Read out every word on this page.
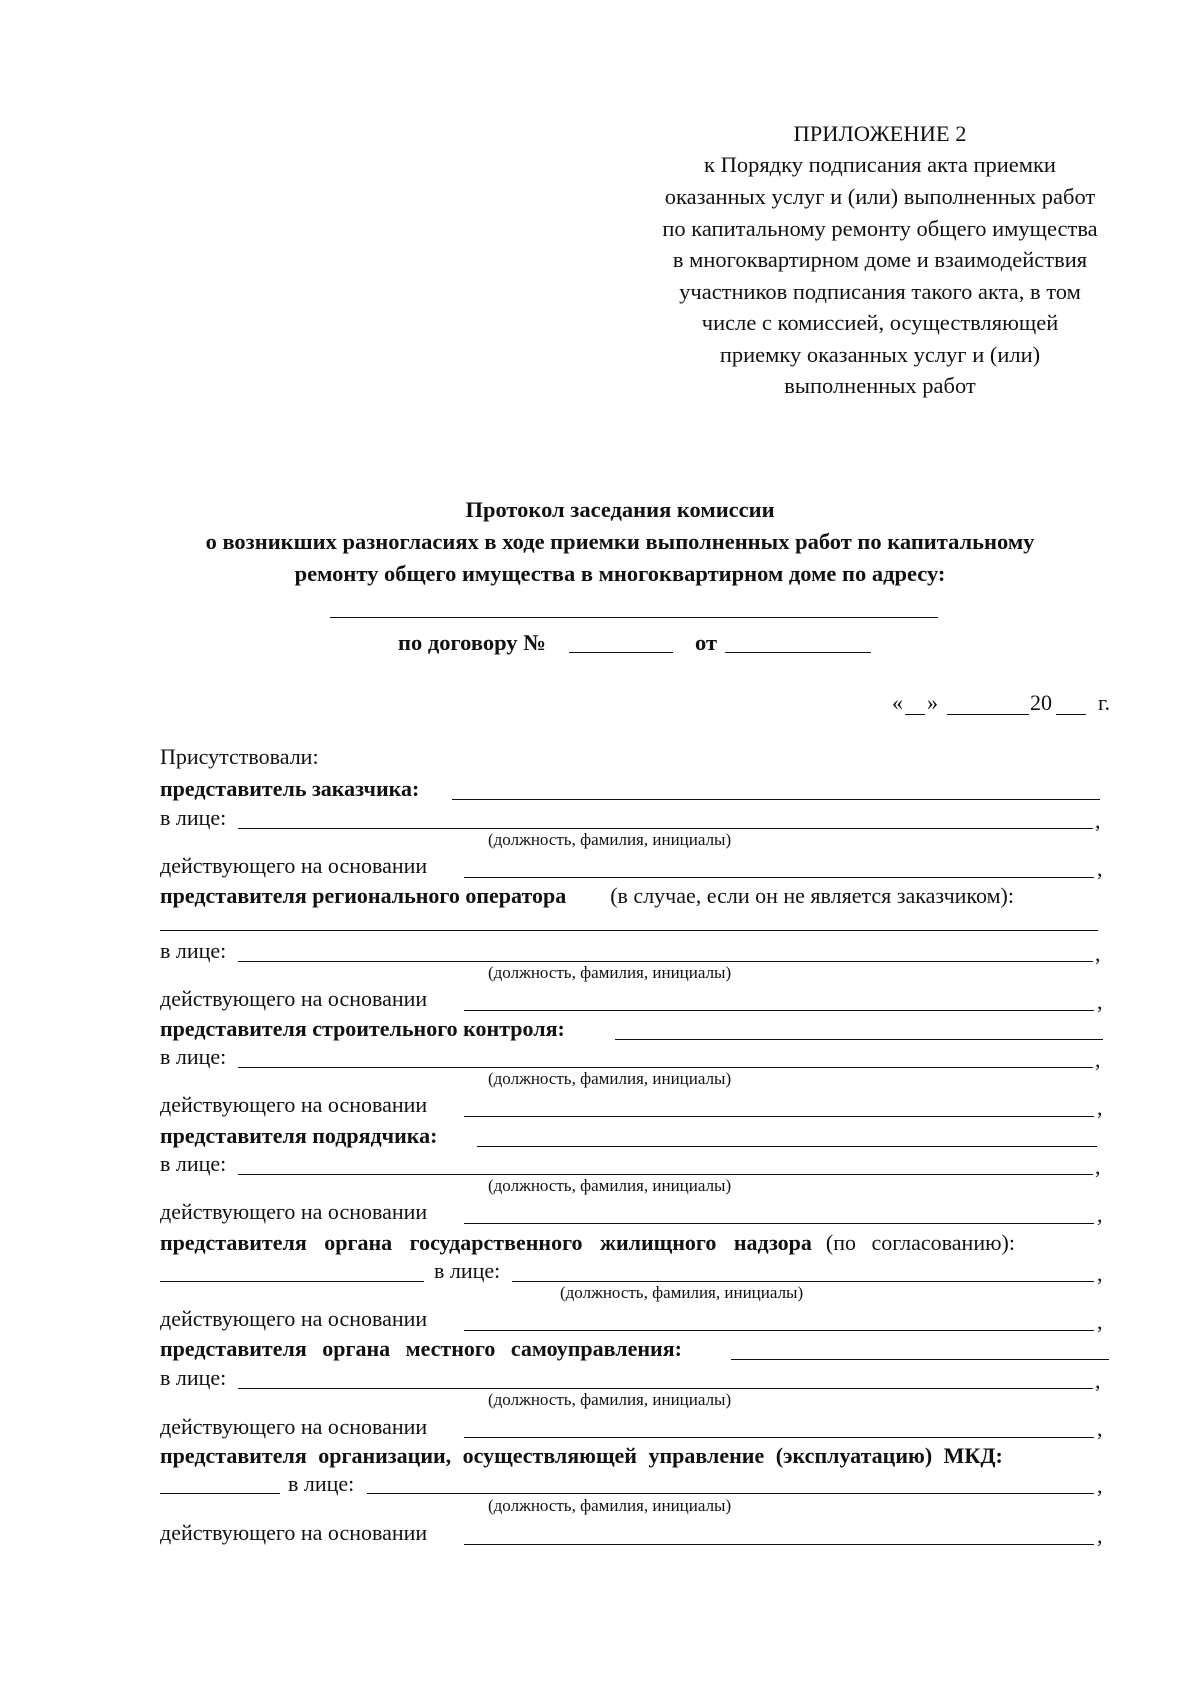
ПРИЛОЖЕНИЕ 2
к Порядку подписания акта приемки
оказанных услуг и (или) выполненных работ
по капитальному ремонту общего имущества
в многоквартирном доме и взаимодействия
участников подписания такого акта, в том
числе с комиссией, осуществляющей
приемку оказанных услуг и (или)
выполненных работ
Протокол заседания комиссии
о возникших разногласиях в ходе приемки выполненных работ по капитальному
ремонту общего имущества в многоквартирном доме по адресу:
по договору №	от
« »	20 г.
Присутствовали:
представитель заказчика:
в лице:	,
(должность, фамилия, инициалы)
действующего на основании	,
представителя регионального оператора (в случае, если он не является заказчиком):
в лице:	,
(должность, фамилия, инициалы)
действующего на основании	,
представителя строительного контроля:
в лице:	,
(должность, фамилия, инициалы)
действующего на основании	,
представителя подрядчика:
в лице:	,
(должность, фамилия, инициалы)
действующего на основании	,
представителя органа государственного жилищного надзора (по согласованию):
в лице:	,
(должность, фамилия, инициалы)
действующего на основании	,
представителя органа местного самоуправления:
в лице:	,
(должность, фамилия, инициалы)
действующего на основании	,
представителя организации, осуществляющей управление (эксплуатацию) МКД:
в лице:	,
(должность, фамилия, инициалы)
действующего на основании	,
